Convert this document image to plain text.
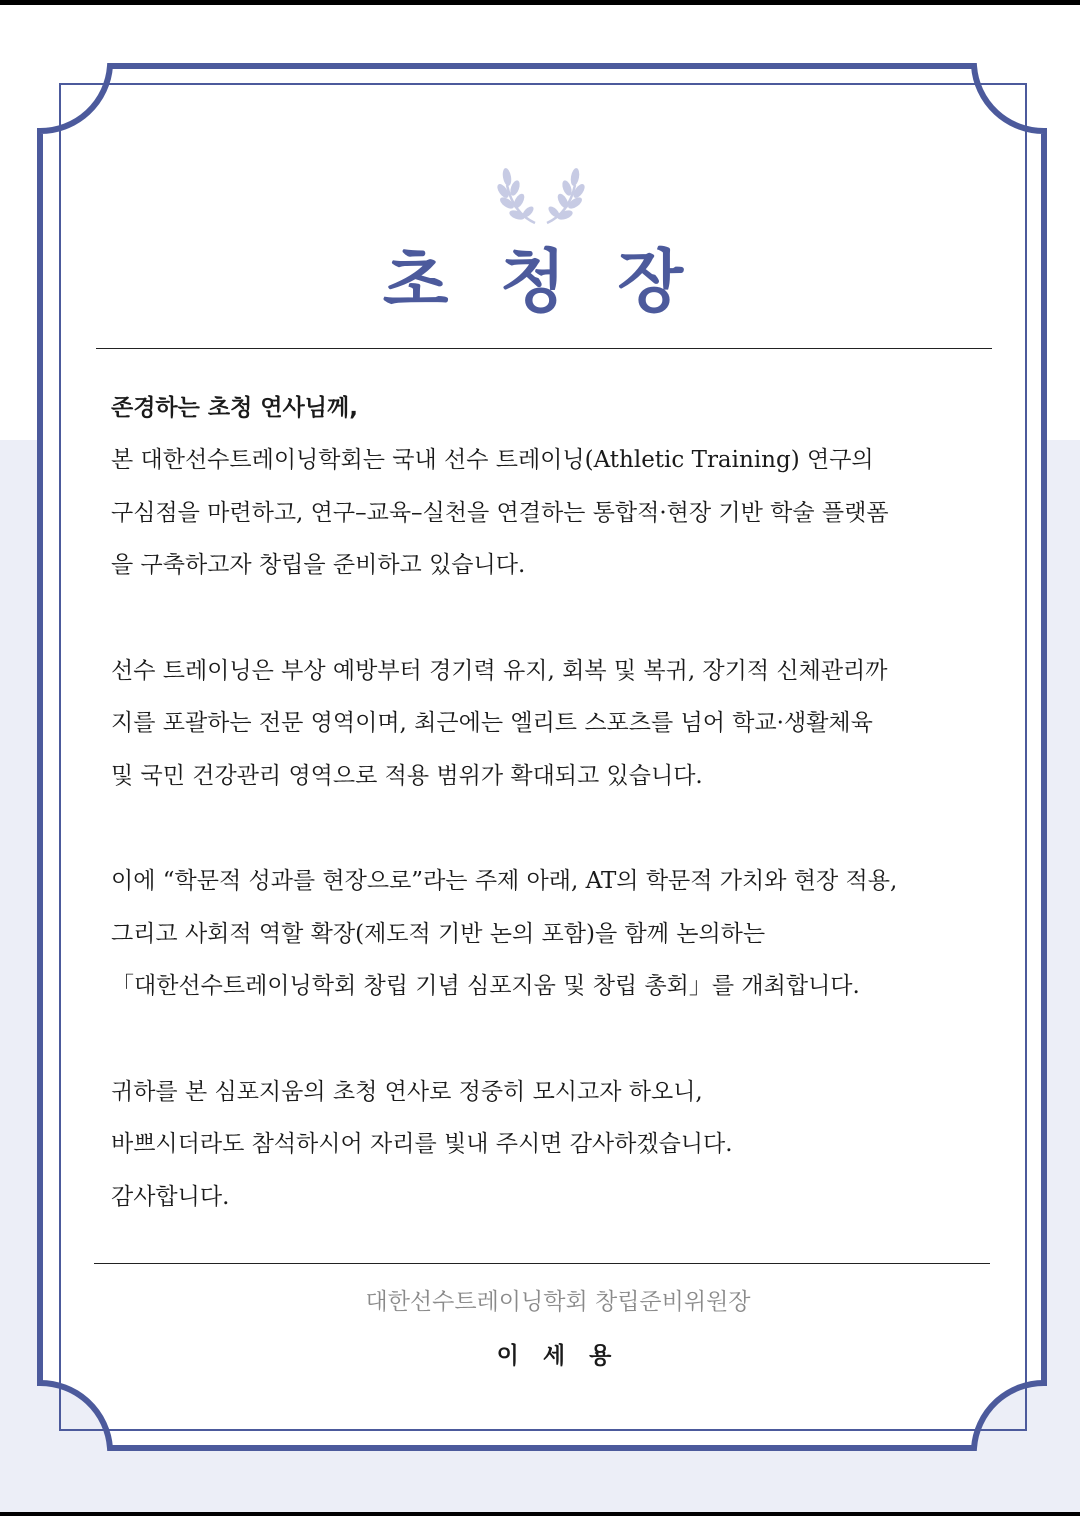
초 청 장

존경하는 초청 연사님께,

본 대한선수트레이닝학회는 국내 선수 트레이닝(Athletic Training) 연구의
구심점을 마련하고, 연구–교육–실천을 연결하는 통합적·현장 기반 학술 플랫폼
을 구축하고자 창립을 준비하고 있습니다.

선수 트레이닝은 부상 예방부터 경기력 유지, 회복 및 복귀, 장기적 신체관리까
지를 포괄하는 전문 영역이며, 최근에는 엘리트 스포츠를 넘어 학교·생활체육
및 국민 건강관리 영역으로 적용 범위가 확대되고 있습니다.

이에 “학문적 성과를 현장으로”라는 주제 아래, AT의 학문적 가치와 현장 적용,
그리고 사회적 역할 확장(제도적 기반 논의 포함)을 함께 논의하는
「대한선수트레이닝학회 창립 기념 심포지움 및 창립 총회」를 개최합니다.

귀하를 본 심포지움의 초청 연사로 정중히 모시고자 하오니,
바쁘시더라도 참석하시어 자리를 빛내 주시면 감사하겠습니다.
감사합니다.

대한선수트레이닝학회 창립준비위원장
이 세 용
